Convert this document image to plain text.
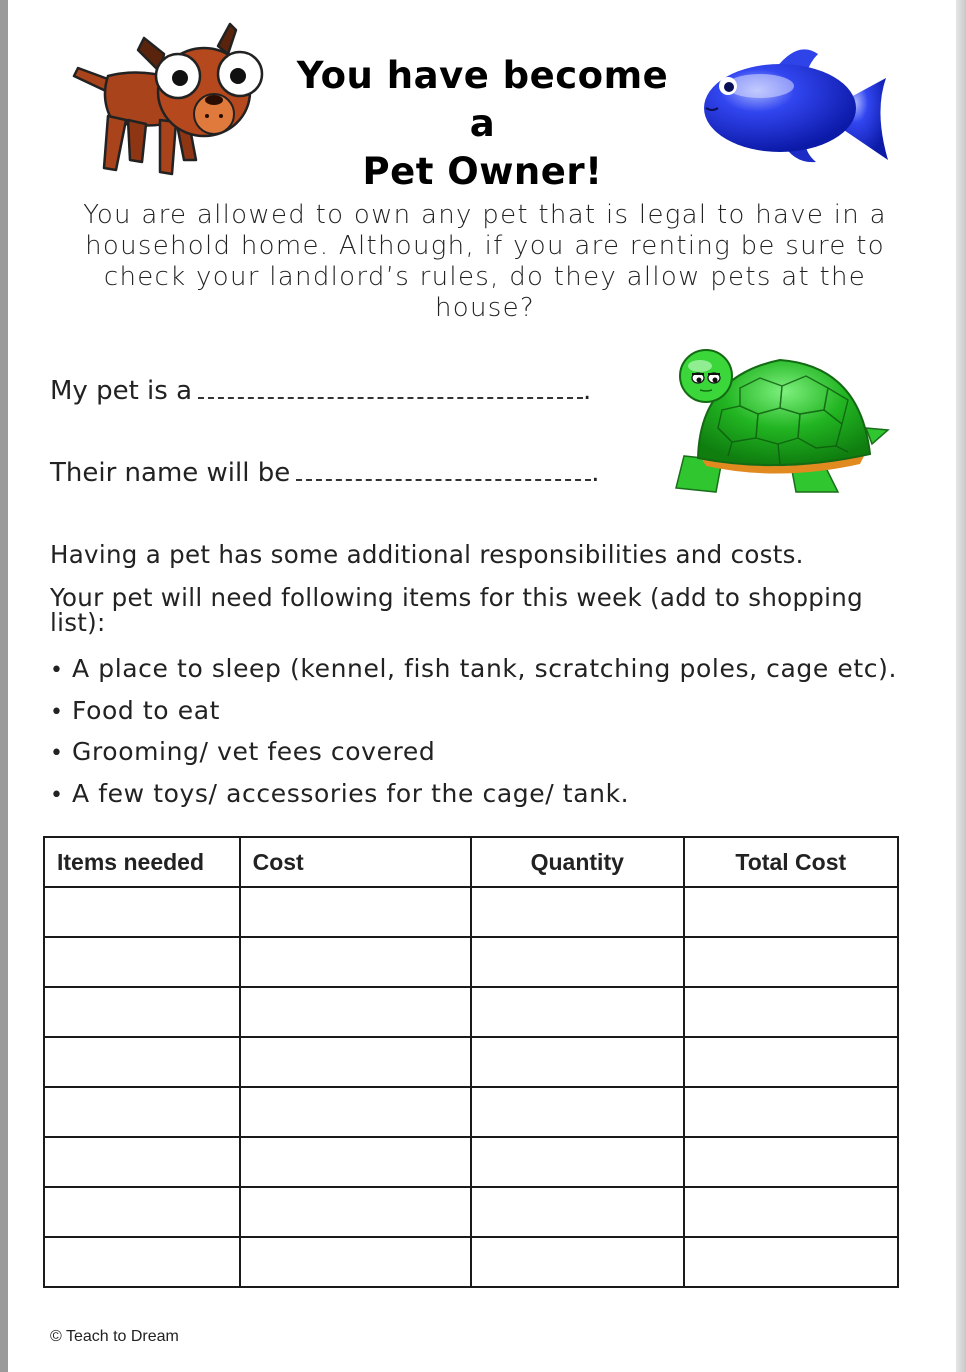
You have become a
Pet Owner!
You are allowed to own any pet that is legal to have in a household home. Although, if you are renting be sure to check your landlord’s rules, do they allow pets at the house?
My pet is a	.
Their name will be	.
Having a pet has some additional responsibilities and costs.
Your pet will need following items for this week (add to shopping list):
• A place to sleep (kennel, fish tank, scratching poles, cage etc).
• Food to eat
• Grooming/ vet fees covered
• A few toys/ accessories for the cage/ tank.
Items needed	Cost	Quantity	Total Cost

© Teach to Dream
